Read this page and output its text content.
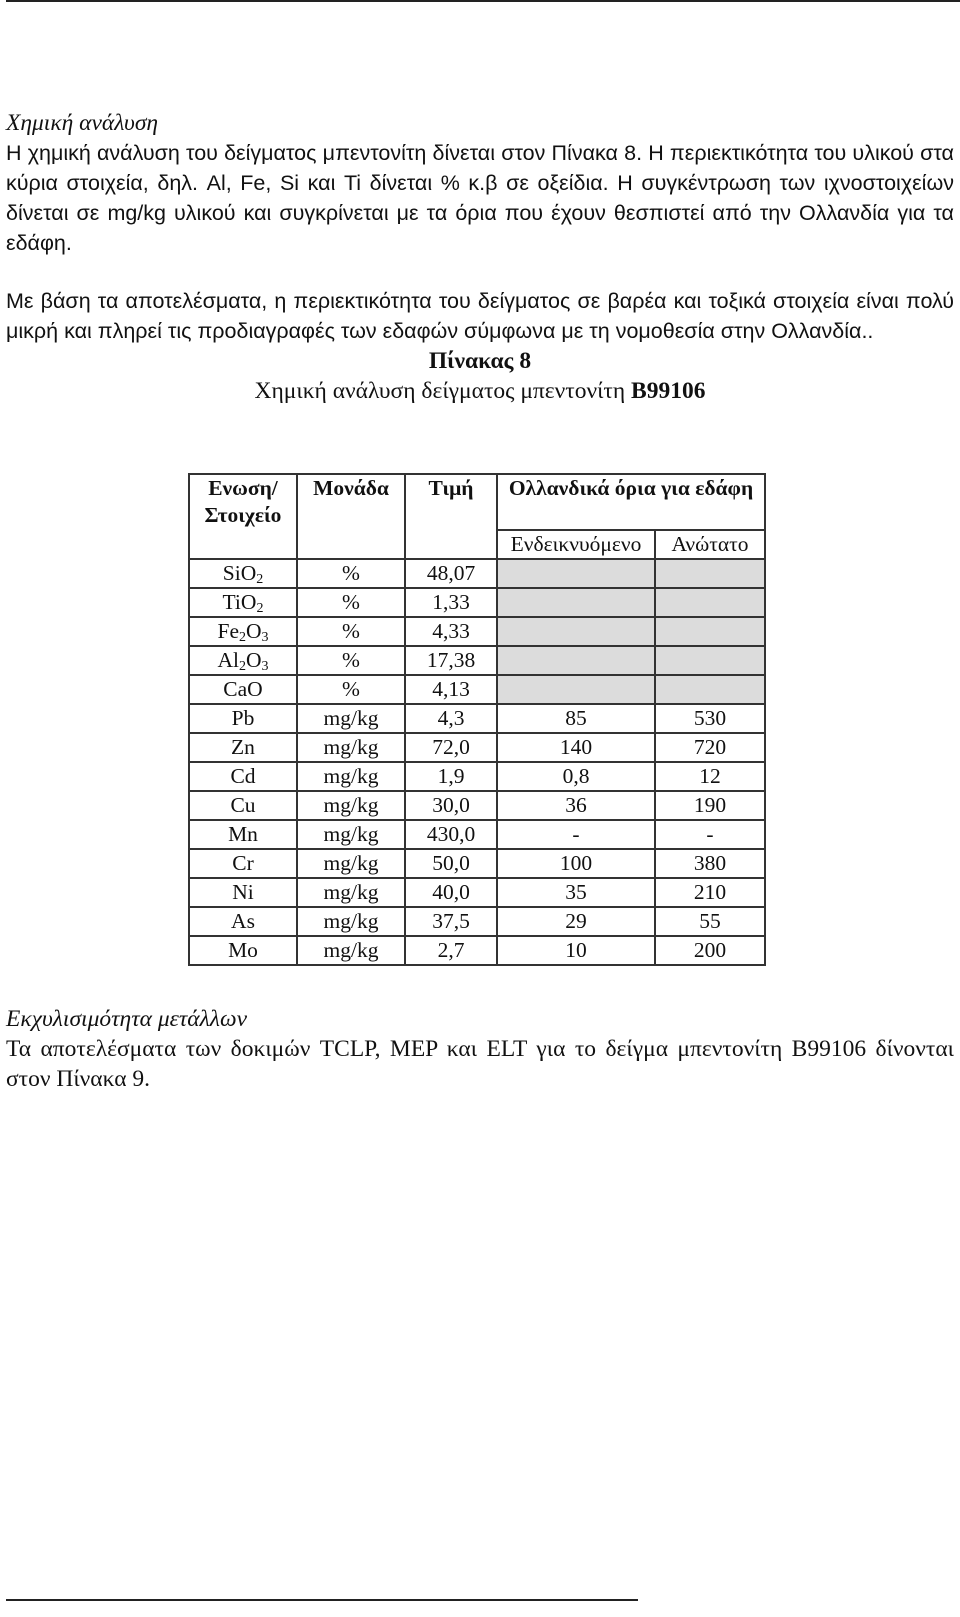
Χημική ανάλυση

Η χημική ανάλυση του δείγματος μπεντονίτη δίνεται στον Πίνακα 8. Η περιεκτικότητα του υλικού στα κύρια στοιχεία, δηλ. Al, Fe, Si και Ti δίνεται % κ.β σε οξείδια. Η συγκέντρωση των ιχνοστοιχείων δίνεται σε mg/kg υλικού και συγκρίνεται με τα όρια που έχουν θεσπιστεί από την Ολλανδία για τα εδάφη.

Με βάση τα αποτελέσματα, η περιεκτικότητα του δείγματος σε βαρέα και τοξικά στοιχεία είναι πολύ μικρή και πληρεί τις προδιαγραφές των εδαφών σύμφωνα με τη νομοθεσία στην Ολλανδία..

Πίνακας 8

Χημική ανάλυση δείγματος μπεντονίτη B99106

Ενωση/ Στοιχείο	Μονάδα	Τιμή	Ολλανδικά όρια για εδάφη	
			Ενδεικνυόμενο	Ανώτατο
SiO$_2$	%	48,07		
TiO$_2$	%	1,33		
$Fe_2O_3$	%	4,33		
$Al_2O_3$	%	17,38		
CaO	%	4,13		
Pb	mg/kg	4,3	85	530
Zn	mg/kg	72,0	140	720
Cd	mg/kg	1,9	0,8	12
Cu	mg/kg	30,0	36	190
Mn	mg/kg	430,0	-	-
Cr	mg/kg	50,0	100	380
Ni	mg/kg	40,0	35	210
As	mg/kg	37,5	29	55
Mo	mg/kg	2,7	10	200

Εκχυλισιμότητα μετάλλων

Τα αποτελέσματα των δοκιμών TCLP, MEP και ELT για το δείγμα μπεντονίτη B99106 δίνονται στον Πίνακα 9.
